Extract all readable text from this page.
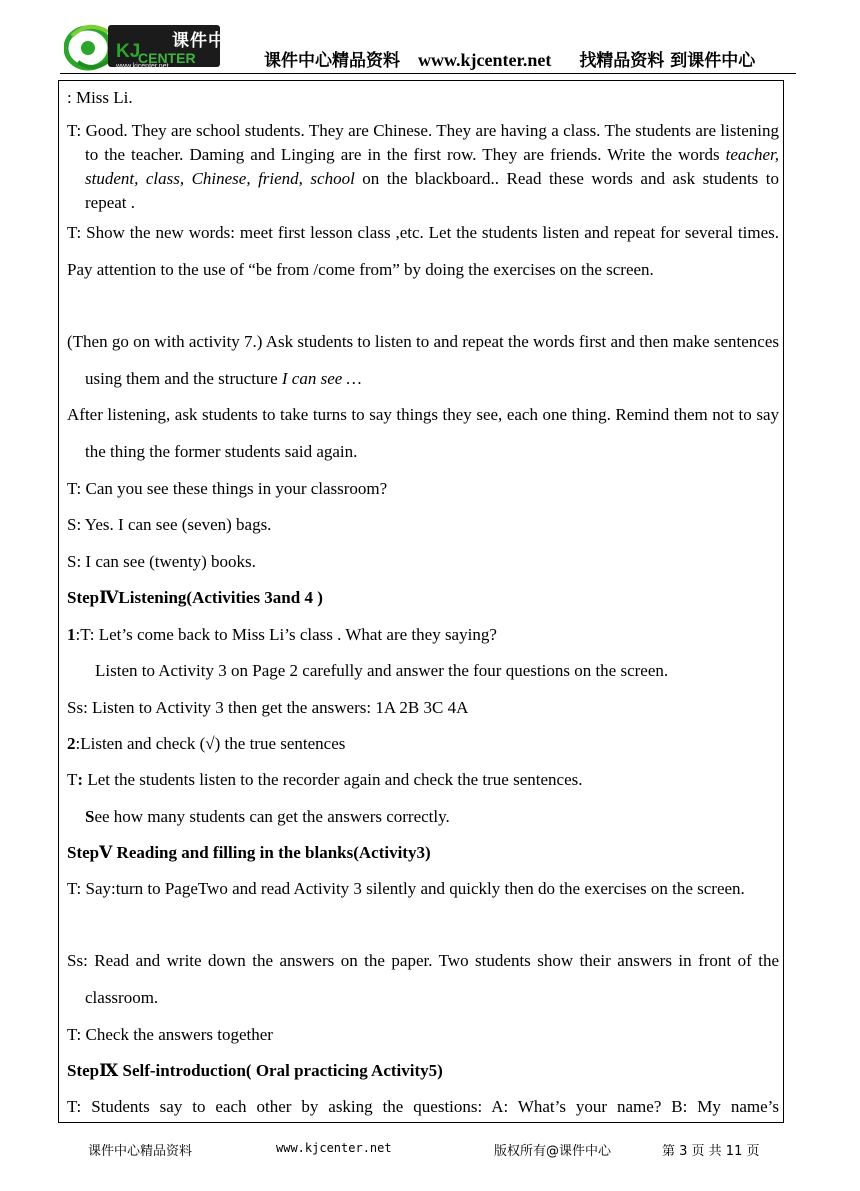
课件中心
KJ
CENTER
www.kjcenter.net	课件中心精品资料 www.kjcenter.net 找精品资料 到课件中心
: Miss Li.
T: Good. They are school students. They are Chinese. They are having a class. The students are listening to the teacher. Daming and Linging are in the first row. They are friends. Write the words teacher, student, class, Chinese, friend, school on the blackboard.. Read these words and ask students to repeat .
T: Show the new words: meet first lesson class ,etc. Let the students listen and repeat for several times. Pay attention to the use of “be from /come from” by doing the exercises on the screen.
(Then go on with activity 7.) Ask students to listen to and repeat the words first and then make sentences using them and the structure I can see …
After listening, ask students to take turns to say things they see, each one thing. Remind them not to say the thing the former students said again.
T: Can you see these things in your classroom?
S: Yes. I can see (seven) bags.
S: I can see (twenty) books.
StepⅣListening(Activities 3and 4 )
1:T: Let’s come back to Miss Li’s class . What are they saying?
Listen to Activity 3 on Page 2 carefully and answer the four questions on the screen.
Ss: Listen to Activity 3 then get the answers: 1A 2B 3C 4A
2:Listen and check (√) the true sentences
T: Let the students listen to the recorder again and check the true sentences.
See how many students can get the answers correctly.
StepⅤ Reading and filling in the blanks(Activity3)
T: Say:turn to PageTwo and read Activity 3 silently and quickly then do the exercises on the screen.
Ss: Read and write down the answers on the paper. Two students show their answers in front of the classroom.
T: Check the answers together
StepⅨ Self-introduction( Oral practicing Activity5)
T: Students say to each other by asking the questions: A: What’s your name? B: My name’s
课件中心精品资料	www.kjcenter.net	版权所有@课件中心	第 3 页 共 11 页
